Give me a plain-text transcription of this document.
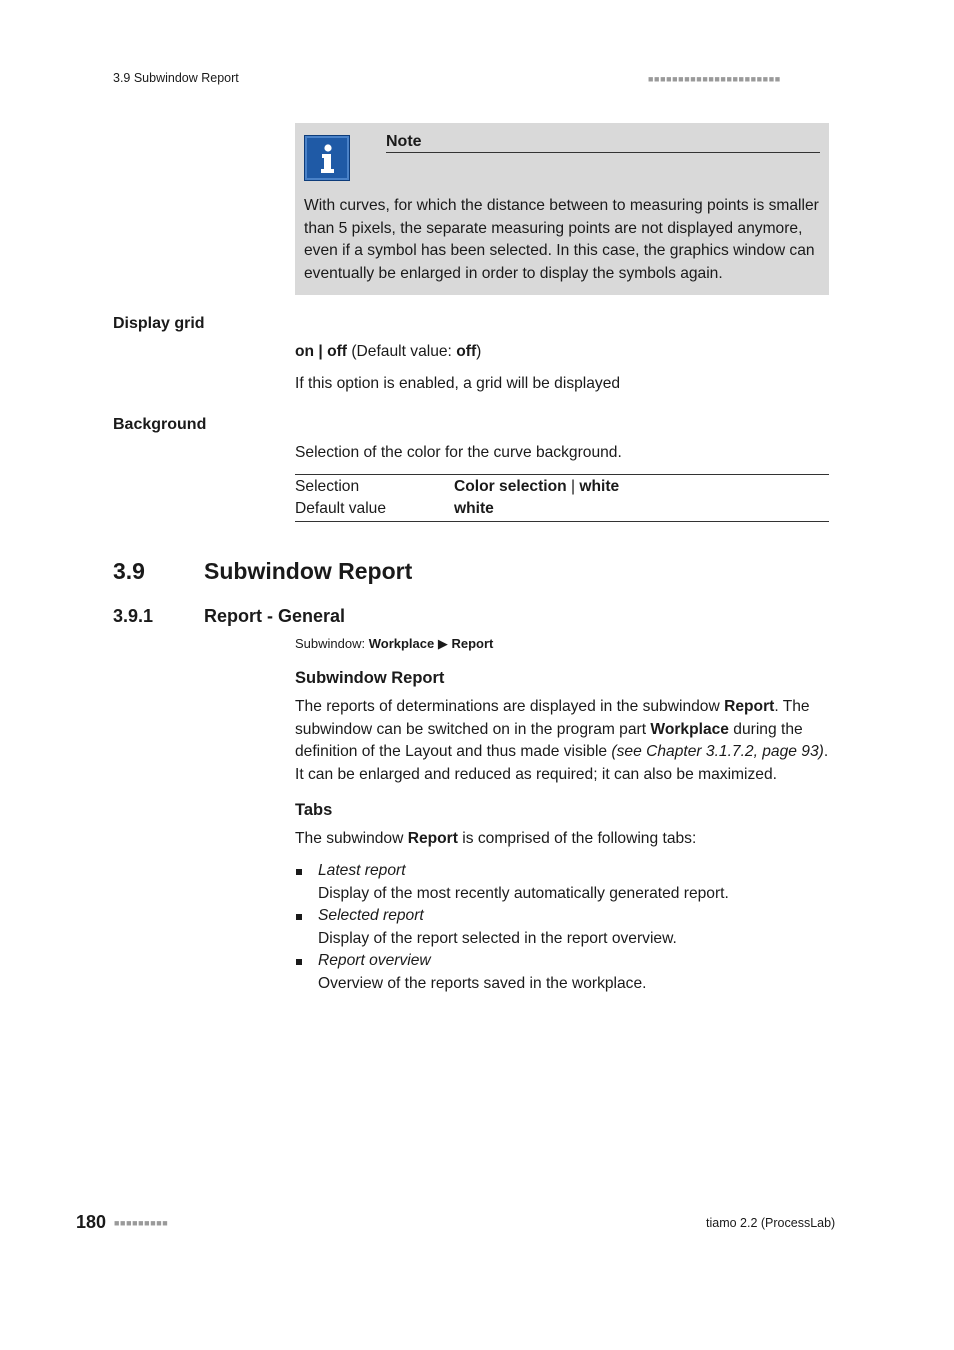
3.9 Subwindow Report	■■■■■■■■■■■■■■■■■■■■■■
Note
With curves, for which the distance between to measuring points is smaller than 5 pixels, the separate measuring points are not displayed anymore, even if a symbol has been selected. In this case, the graphics window can eventually be enlarged in order to display the symbols again.
Display grid
on | off (Default value: off)
If this option is enabled, a grid will be displayed
Background
Selection of the color for the curve background.
Selection	Color selection | white
Default value	white
3.9	Subwindow Report
3.9.1	Report - General
Subwindow: Workplace ▶ Report
Subwindow Report
The reports of determinations are displayed in the subwindow Report. The subwindow can be switched on in the program part Workplace during the definition of the Layout and thus made visible (see Chapter 3.1.7.2, page 93). It can be enlarged and reduced as required; it can also be maximized.
Tabs
The subwindow Report is comprised of the following tabs:
Latest report
Display of the most recently automatically generated report.
Selected report
Display of the report selected in the report overview.
Report overview
Overview of the reports saved in the workplace.
180 ■■■■■■■■■	tiamo 2.2 (ProcessLab)
